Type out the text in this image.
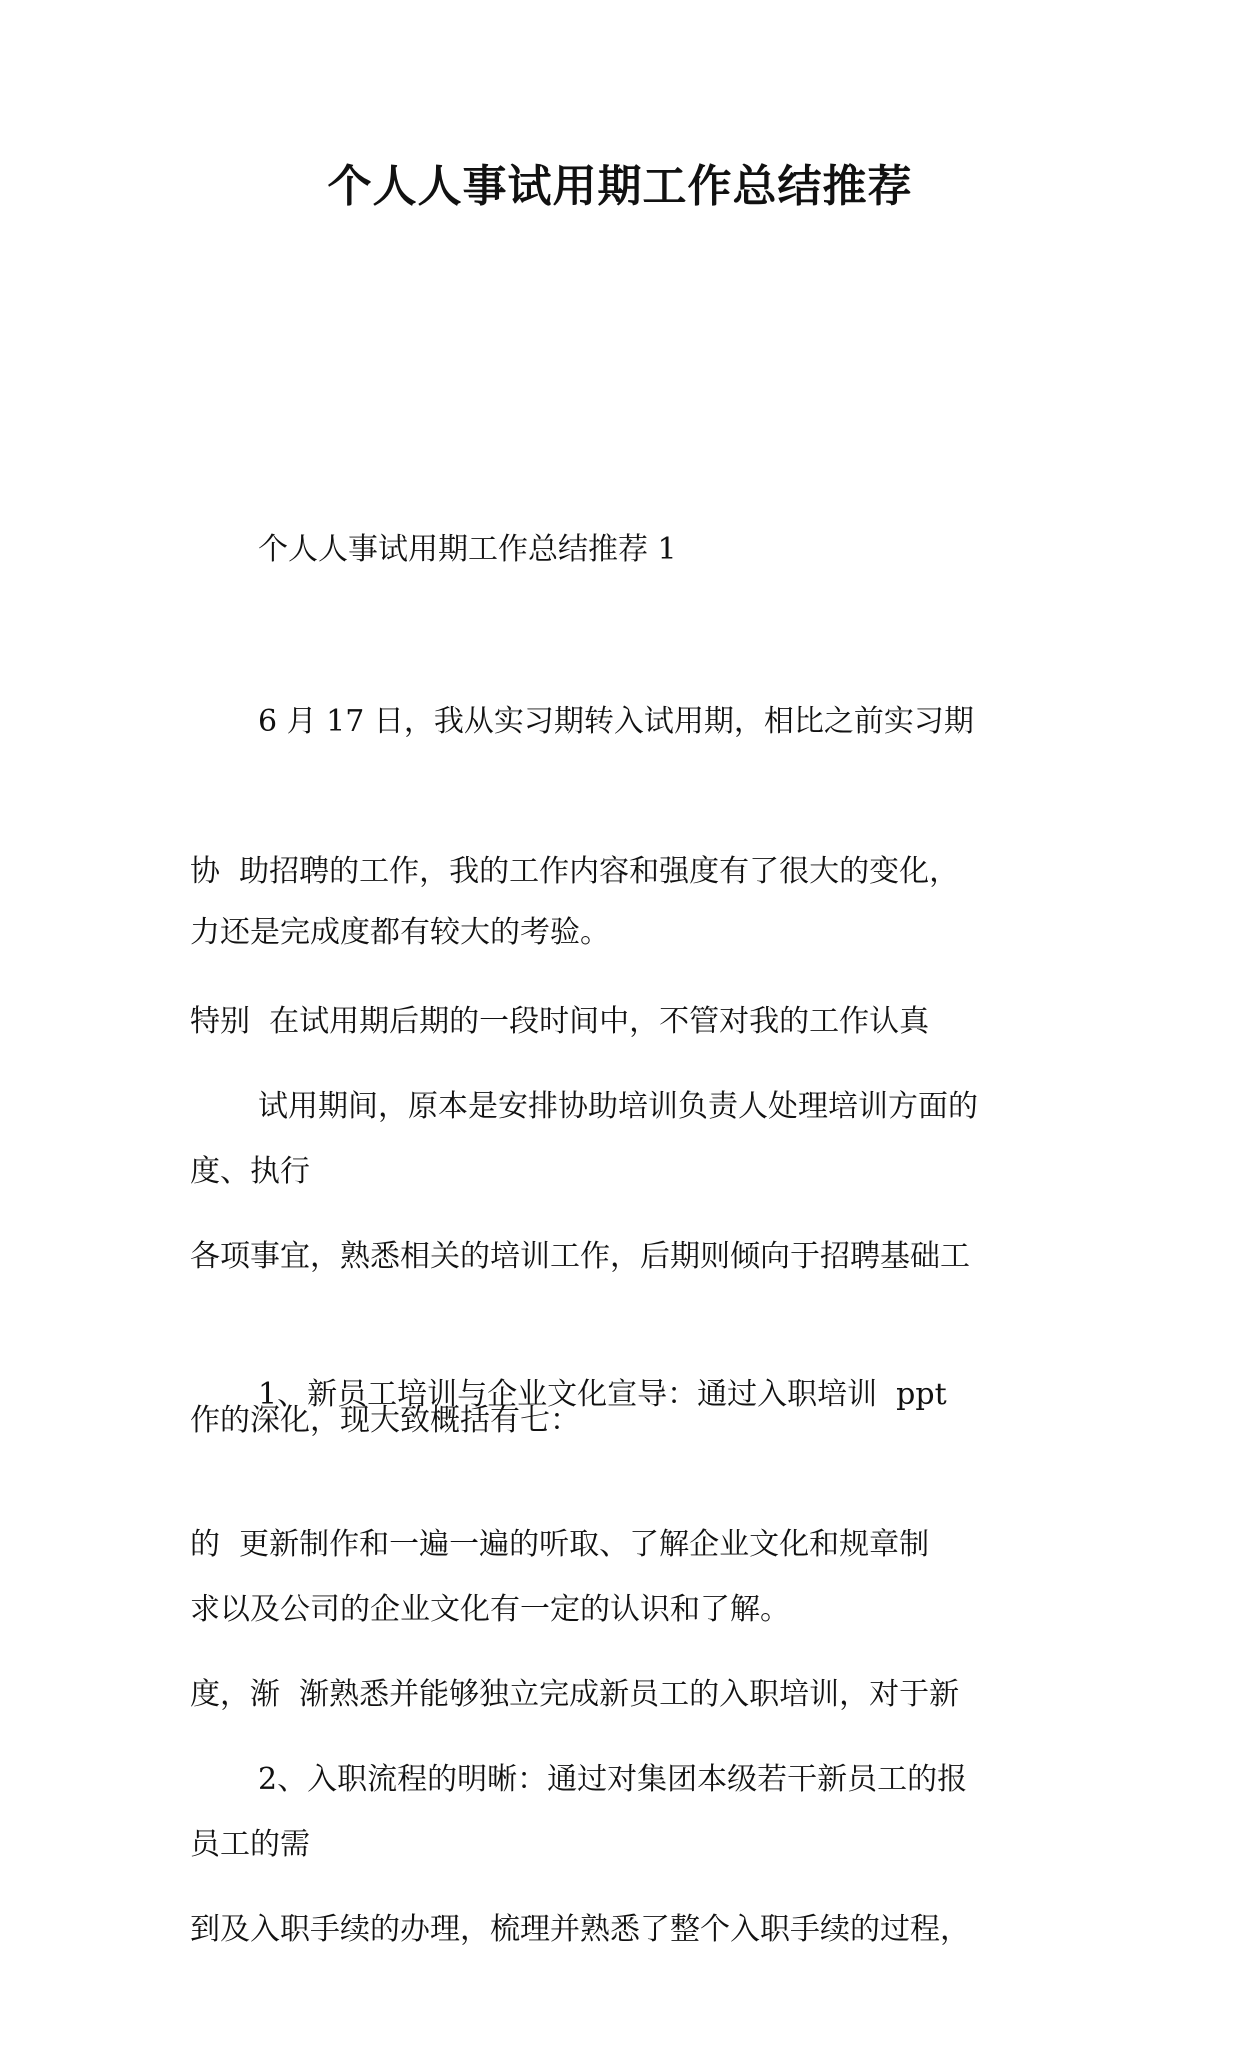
个人人事试用期工作总结推荐

个人人事试用期工作总结推荐 1

6 月 17 日，我从实习期转入试用期，相比之前实习期

协  助招聘的工作，我的工作内容和强度有了很大的变化，

特别  在试用期后期的一段时间中，不管对我的工作认真

度、执行

力还是完成度都有较大的考验。

试用期间，原本是安排协助培训负责人处理培训方面的

各项事宜，熟悉相关的培训工作，后期则倾向于招聘基础工

作的深化，现大致概括有七：

1、新员工培训与企业文化宣导：通过入职培训  ppt

的  更新制作和一遍一遍的听取、了解企业文化和规章制

度，渐  渐熟悉并能够独立完成新员工的入职培训，对于新

员工的需

求以及公司的企业文化有一定的认识和了解。

2、入职流程的明晰：通过对集团本级若干新员工的报

到及入职手续的办理，梳理并熟悉了整个入职手续的过程，
